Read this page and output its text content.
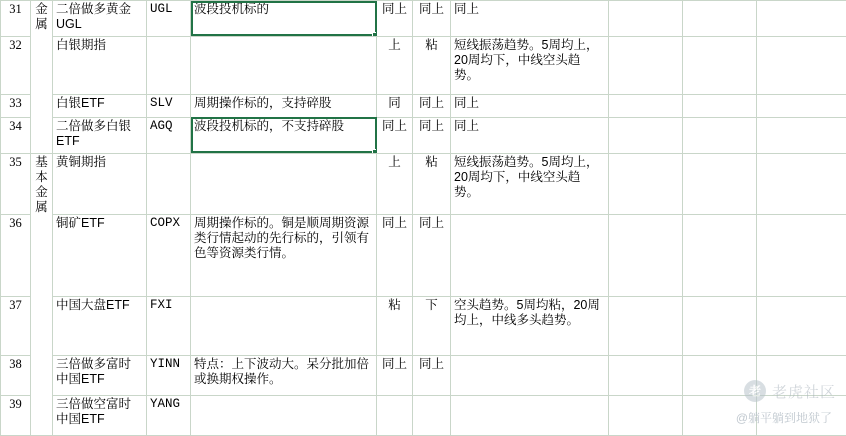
31	金属	二倍做多黄金UGL	UGL	波段投机标的	同上	同上	同上			
32		白银期指			上	粘	短线振荡趋势。5周均上，20周均下，中线空头趋势。			
33		白银ETF	SLV	周期操作标的，支持碎股	同	同上	同上			
34		二倍做多白银ETF	AGQ	波段投机标的，不支持碎股	同上	同上	同上			
35	基本金属	黄铜期指			上	粘	短线振荡趋势。5周均上，20周均下，中线空头趋势。			
36		铜矿ETF	COPX	周期操作标的。铜是顺周期资源类行情起动的先行标的，引领有色等资源类行情。	同上	同上				
37		中国大盘ETF	FXI		粘	下	空头趋势。5周均粘，20周均上，中线多头趋势。			
38		三倍做多富时中国ETF	YINN	特点：上下波动大。呆分批加倍或换期权操作。	同上	同上				
39		三倍做空富时中国ETF	YANG							
老 老虎社区
@躺平躺到地狱了
